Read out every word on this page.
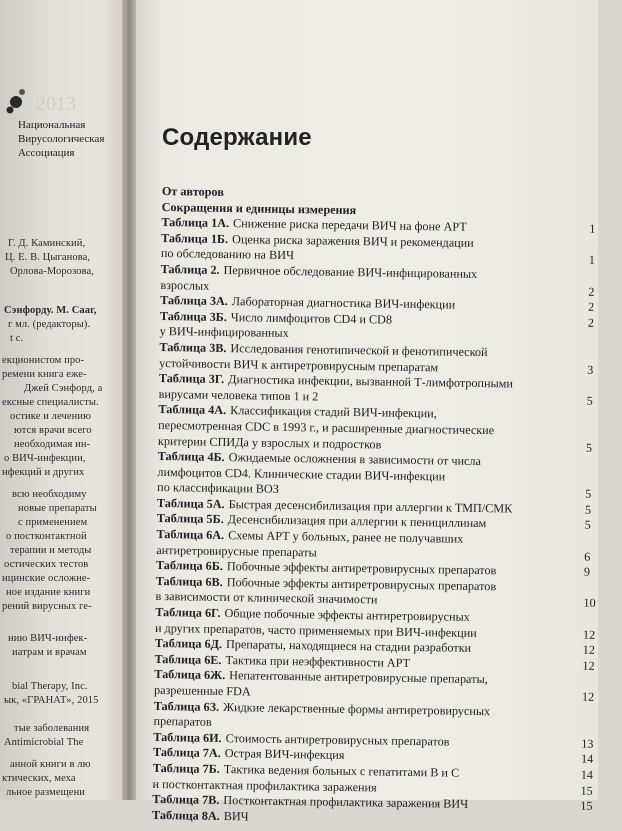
2013
Национальная
Вирусологическая
Ассоциация
Г. Д. Каминский,
Ц. Е. В. Цыганова,
Орлова-Морозова,
Сэнфорду. М. Сааг,
г мл. (редакторы).
t с.
екционистом про-
ремени книга еже-
Джей Сэнфорд, а
ексные специалисты.
остике и лечению
ются врачи всего
необходимая ин-
о ВИЧ-инфекции,
нфекций и других
всю необходиму
новые препараты
с применением
о постконтактной
терапии и методы
остических тестов
ицинские осложне-
ное издание книги
рений вирусных ге-
нию ВИЧ-инфек-
иатрам и врачам
bial Therapy, Inc.
ык, «ГРАНАТ», 2015
тые заболевания
Antimicrobial The
анной книги в лю
ктических, меха
льное размещени
Содержание
От авторов
Сокращения и единицы измерения
Таблица 1А. Снижение риска передачи ВИЧ на фоне АРТ	1
Таблица 1Б. Оценка риска заражения ВИЧ и рекомендации
по обследованию на ВИЧ	1
Таблица 2. Первичное обследование ВИЧ-инфицированных
взрослых	2
Таблица 3А. Лабораторная диагностика ВИЧ-инфекции	2
Таблица 3Б. Число лимфоцитов CD4 и CD8	2
у ВИЧ-инфицированных
Таблица 3В. Исследования генотипической и фенотипической
устойчивости ВИЧ к антиретровирусным препаратам	3
Таблица 3Г. Диагностика инфекции, вызванной Т-лимфотропными
вирусами человека типов 1 и 2	5
Таблица 4А. Классификация стадий ВИЧ-инфекции,
пересмотренная CDC в 1993 г., и расширенные диагностические
критерии СПИДа у взрослых и подростков	5
Таблица 4Б. Ожидаемые осложнения в зависимости от числа
лимфоцитов CD4. Клинические стадии ВИЧ-инфекции
по классификации ВОЗ	5
Таблица 5А. Быстрая десенсибилизация при аллергии к ТМП/СМК	5
Таблица 5Б. Десенсибилизация при аллергии к пенициллинам	5
Таблица 6А. Схемы АРТ у больных, ранее не получавших
антиретровирусные препараты	6
Таблица 6Б. Побочные эффекты антиретровирусных препаратов	9
Таблица 6В. Побочные эффекты антиретровирусных препаратов
в зависимости от клинической значимости	10
Таблица 6Г. Общие побочные эффекты антиретровирусных
и других препаратов, часто применяемых при ВИЧ-инфекции	12
Таблица 6Д. Препараты, находящиеся на стадии разработки	12
Таблица 6Е. Тактика при неэффективности АРТ	12
Таблица 6Ж. Непатентованные антиретровирусные препараты,
разрешенные FDA	12
Таблица 6З. Жидкие лекарственные формы антиретровирусных
препаратов
Таблица 6И. Стоимость антиретровирусных препаратов	13
Таблица 7А. Острая ВИЧ-инфекция	14
Таблица 7Б. Тактика ведения больных с гепатитами В и С	14
и постконтактная профилактика заражения	15
Таблица 7В. Постконтактная профилактика заражения ВИЧ	15
Таблица 8А. ВИЧ
